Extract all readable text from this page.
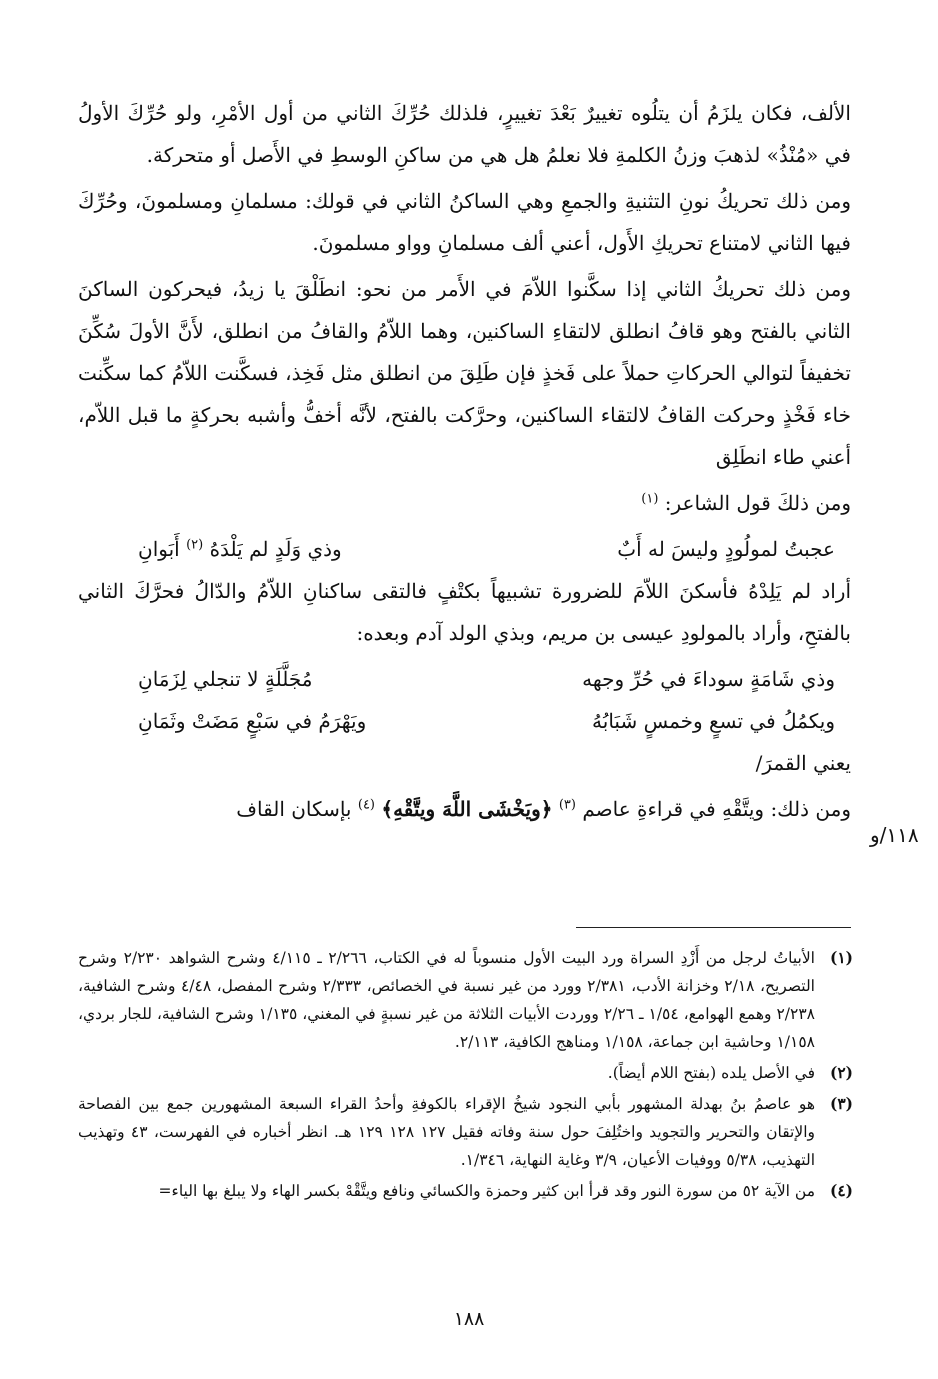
الألف، فكان يلزَمُ أن يتلُوه تغييرٌ بَعْدَ تغييرٍ، فلذلك حُرِّكَ الثاني من أول الأمْرِ، ولو حُرِّكَ الأولُ في «مُنْذُ» لذهبَ وزنُ الكلمةِ فلا نعلمُ هل هي من ساكنِ الوسطِ في الأَصل أو متحركة.

ومن ذلك تحريكُ نونِ التثنيةِ والجمعِ وهي الساكنُ الثاني في قولك: مسلمانِ ومسلمونَ، وحُرِّكَ فيها الثاني لامتناع تحريكِ الأَول، أعني ألف مسلمانِ وواو مسلمونَ.

ومن ذلك تحريكُ الثاني إذا سكَّنوا اللاّمَ في الأَمر من نحو: انطَلْقَ يا زيدُ، فيحركون الساكنَ الثاني بالفتح وهو قافُ انطلق لالتقاءِ الساكنين، وهما اللاّمُ والقافُ من انطلق، لأَنَّ الأولَ سُكِّنَ تخفيفاً لتوالي الحركاتِ حملاً على فَخذٍ فإن طَلِقَ من انطلق مثل فَخِذ، فسكَّنت اللاّمُ كما سكِّنت خاء فَخْذٍ وحركت القافُ لالتقاء الساكنين، وحرَّكت بالفتح، لأنَّه أخفُّ وأشبه بحركةٍ ما قبل اللاّم، أعني طاء انطَلِق

ومن ذلكَ قول الشاعر: $^{(١)}$

عجبتُ لمولُودٍ وليسَ له أَبٌ
وذي وَلَدٍ لم يَلْدَهُ $^{(٢)}$ أَبَوانِ

أراد لم يَلِدْهُ فأسكنَ اللاّمَ للضرورة تشبيهاً بكتْفٍ فالتقى ساكنانِ اللاّمُ والدّالُ فحرَّكَ الثاني بالفتحِ، وأراد بالمولودِ عيسى بن مريم، وبذي الولد آدم وبعده:

وذي شَامَةٍ سوداءَ في حُرِّ وجهه
مُجَلَّلَةٍ لا تنجلي لِزَمَانِ
ويكمُلُ في تسعٍ وخمسٍ شَبَابُهُ
ويَهْرَمُ في سَبْعٍ مَضَتْ وثَمَانِ

يعني القمرَ/

ومن ذلك: ويتَّقْهِ في قراءةِ عاصم $^{(٣)}$ ﴿ويَخْشَى اللَّهَ ويتَّقْهِ﴾ $^{(٤)}$ بإسكان القاف

١١٨/و
(١)
الأبياتُ لرجل من أَزْدِ السراة ورد البيت الأول منسوباً له في الكتاب، ٢/٢٦٦ ـ ٤/١١٥ وشرح الشواهد ٢/٢٣٠ وشرح التصريح، ٢/١٨ وخزانة الأدب، ٢/٣٨١ وورد من غير نسبة في الخصائص، ٢/٣٣٣ وشرح المفصل، ٤/٤٨ وشرح الشافية، ٢/٢٣٨ وهمع الهوامع، ١/٥٤ ـ ٢/٢٦ ووردت الأبيات الثلاثة من غير نسبةٍ في المغني، ١/١٣٥ وشرح الشافية، للجار بردي، ١/١٥٨ وحاشية ابن جماعة، ١/١٥٨ ومناهج الكافية، ٢/١١٣.
(٢)
في الأصل يلده (بفتح اللام أيضاً).
(٣)
هو عاصمُ بنُ بهدلة المشهور بأبي النجود شيخُ الإقراء بالكوفةِ وأحدُ القراء السبعة المشهورين جمع بين الفصاحة والإتقان والتحرير والتجويد واختُلِفَ حول سنة وفاته فقيل ١٢٧ ١٢٨ ١٢٩ هـ. انظر أخباره في الفهرست، ٤٣ وتهذيب التهذيب، ٥/٣٨ ووفيات الأعيان، ٣/٩ وغاية النهاية، ١/٣٤٦.
(٤)
من الآية ٥٢ من سورة النور وقد قرأ ابن كثير وحمزة والكسائي ونافع ويتَّقْهْ بكسر الهاء ولا يبلغ بها الياء=
١٨٨
